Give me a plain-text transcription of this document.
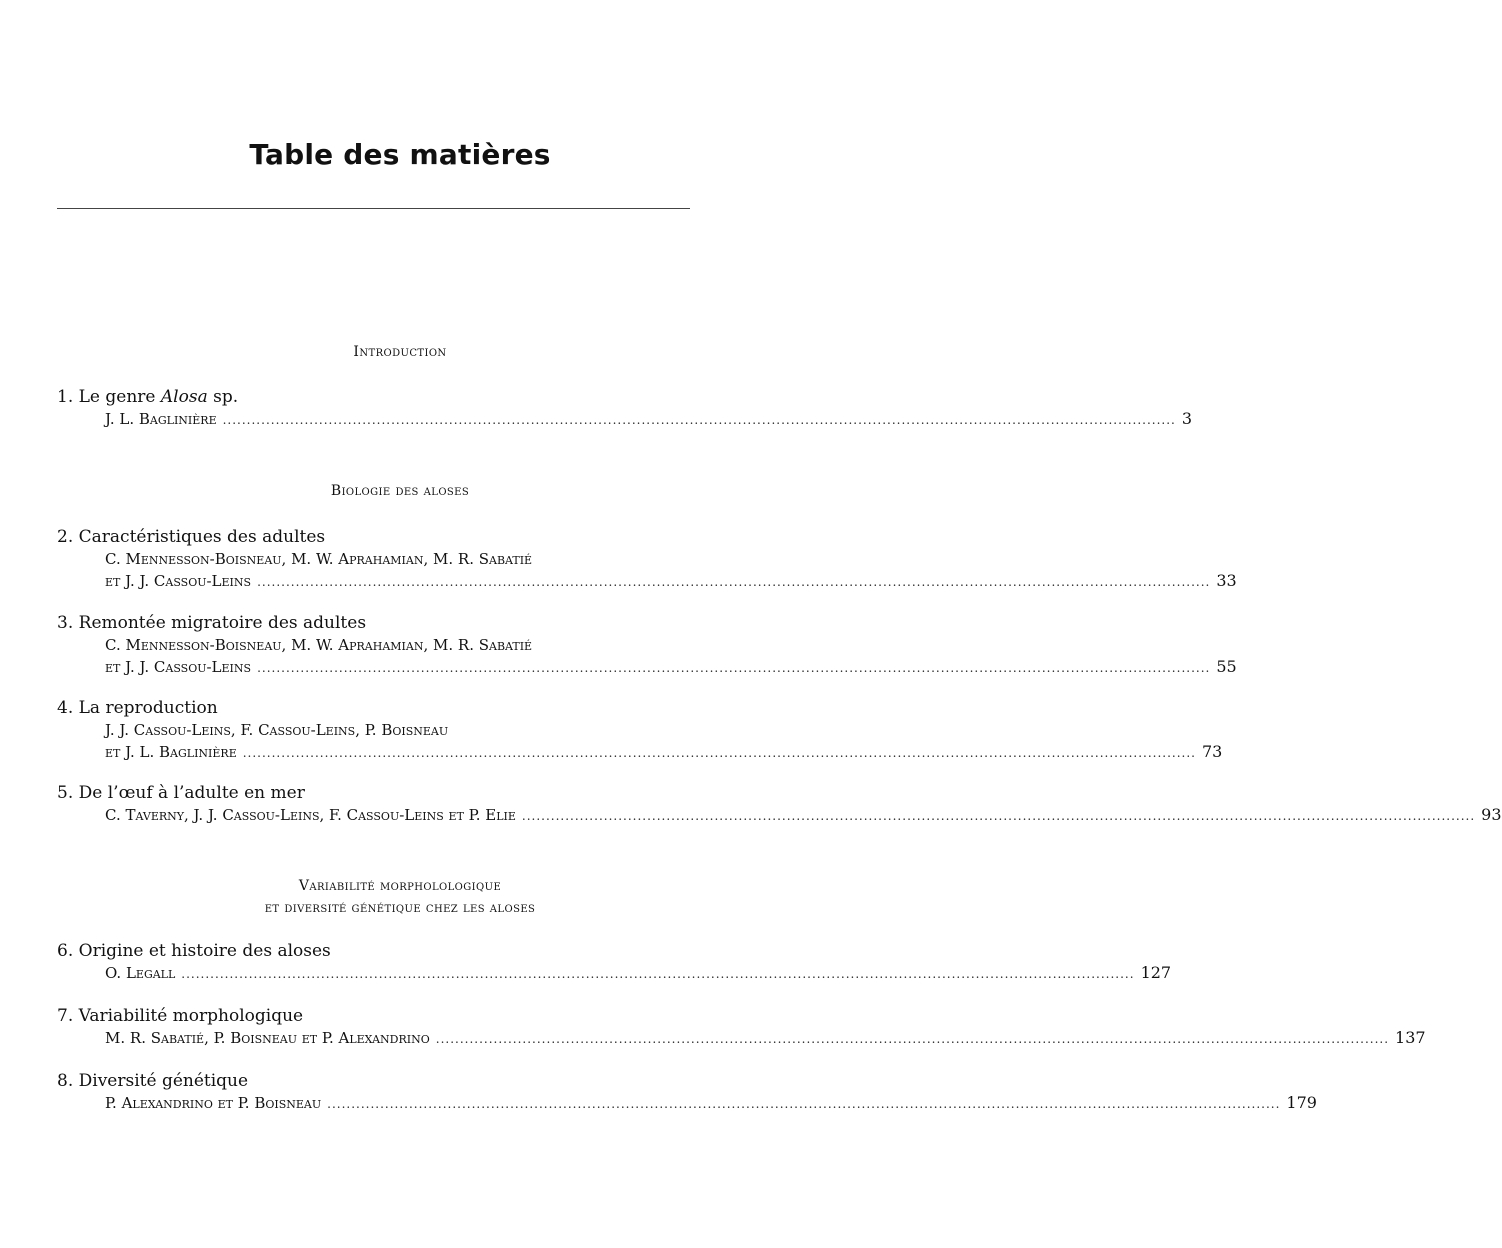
Table des matières
Introduction
1. Le genre Alosa sp.
J. L. Baglinière ...................................................................................................................................................................................................... 3
Biologie des aloses
2. Caractéristiques des adultes
C. Mennesson-Boisneau, M. W. Aprahamian, M. R. Sabatié
et J. J. Cassou-Leins ...................................................................................................................................................................................................... 33
3. Remontée migratoire des adultes
C. Mennesson-Boisneau, M. W. Aprahamian, M. R. Sabatié
et J. J. Cassou-Leins ...................................................................................................................................................................................................... 55
4. La reproduction
J. J. Cassou-Leins, F. Cassou-Leins, P. Boisneau
et J. L. Baglinière ...................................................................................................................................................................................................... 73
5. De l’œuf à l’adulte en mer
C. Taverny, J. J. Cassou-Leins, F. Cassou-Leins et P. Elie ...................................................................................................................................................................................................... 93
Variabilité morpholologique
et diversité génétique chez les aloses
6. Origine et histoire des aloses
O. Legall ...................................................................................................................................................................................................... 127
7. Variabilité morphologique
M. R. Sabatié, P. Boisneau et P. Alexandrino ...................................................................................................................................................................................................... 137
8. Diversité génétique
P. Alexandrino et P. Boisneau ...................................................................................................................................................................................................... 179
